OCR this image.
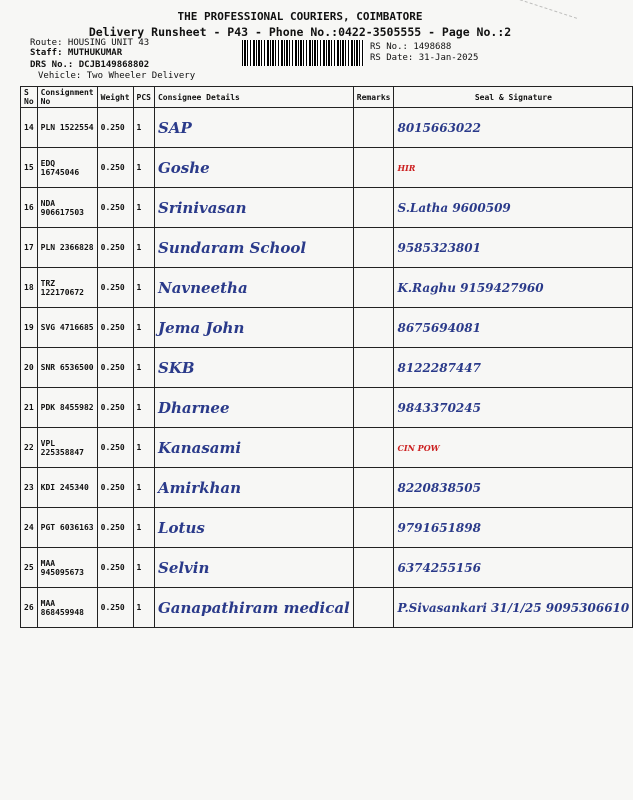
THE PROFESSIONAL COURIERS, COIMBATORE
Delivery Runsheet - P43 - Phone No.:0422-3505555 - Page No.:2
Route: HOUSING UNIT 43
Staff: MUTHUKUMAR
DRS No.: DCJB149868802
Vehicle: Two Wheeler Delivery
RS No.: 1498688
RS Date: 31-Jan-2025
S No	Consignment No	Weight	PCS	Consignee Details	Remarks	Seal & Signature
14	PLN 1522554	0.250	1	SAP		8015663022
15	EDQ 16745046	0.250	1	Goshe		HIR
16	NDA 906617503	0.250	1	Srinivasan		S.Latha 9600509
17	PLN 2366828	0.250	1	Sundaram School		9585323801
18	TRZ 122170672	0.250	1	Navneetha		K.Raghu 9159427960
19	SVG 4716685	0.250	1	Jema John		8675694081
20	SNR 6536500	0.250	1	SKB		8122287447
21	PDK 8455982	0.250	1	Dharnee		9843370245
22	VPL 225358847	0.250	1	Kanasami		CIN POW
23	KDI 245340	0.250	1	Amirkhan		8220838505
24	PGT 6036163	0.250	1	Lotus		9791651898
25	MAA 945095673	0.250	1	Selvin		6374255156
26	MAA 868459948	0.250	1	Ganapathiram medical		P.Sivasankari 31/1/25 9095306610
